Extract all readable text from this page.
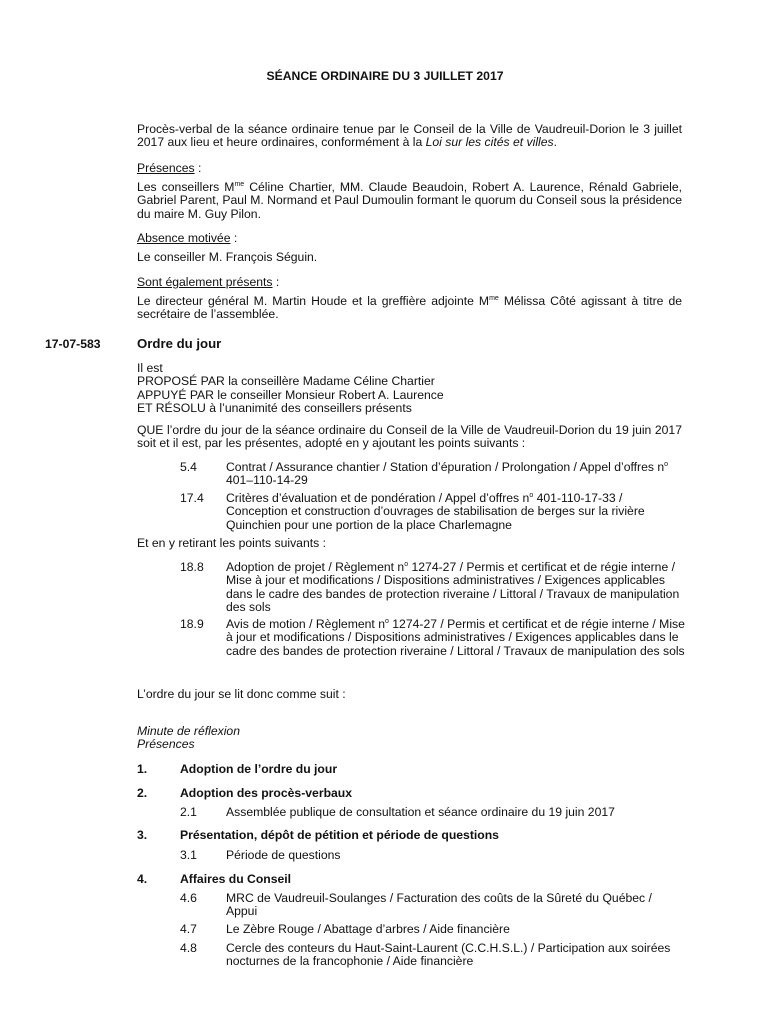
SÉANCE ORDINAIRE DU 3 JUILLET 2017

Procès-verbal de la séance ordinaire tenue par le Conseil de la Ville de Vaudreuil-Dorion le 3 juillet 2017 aux lieu et heure ordinaires, conformément à la Loi sur les cités et villes.

Présences :

Les conseillers $M^{me}$ Céline Chartier, MM. Claude Beaudoin, Robert A. Laurence, Rénald Gabriele, Gabriel Parent, Paul M. Normand et Paul Dumoulin formant le quorum du Conseil sous la présidence du maire M. Guy Pilon.

Absence motivée :

Le conseiller M. François Séguin.

Sont également présents :

Le directeur général M. Martin Houde et la greffière adjointe $M^{me}$ Mélissa Côté agissant à titre de secrétaire de l’assemblée.

17-07-583	Ordre du jour

Il est

PROPOSÉ PAR la conseillère Madame Céline Chartier

APPUYÉ PAR le conseiller Monsieur Robert A. Laurence

ET RÉSOLU à l’unanimité des conseillers présents

QUE l’ordre du jour de la séance ordinaire du Conseil de la Ville de Vaudreuil-Dorion du 19 juin 2017 soit et il est, par les présentes, adopté en y ajoutant les points suivants :

5.4 Contrat / Assurance chantier / Station d’épuration / Prolongation / Appel d’offres $n^o$ 401–110-14-29
17.4 Critères d’évaluation et de pondération / Appel d’offres $n^o$ 401-110-17-33 / Conception et construction d’ouvrages de stabilisation de berges sur la rivière Quinchien pour une portion de la place Charlemagne

Et en y retirant les points suivants :

18.8 Adoption de projet / Règlement $n^o$ 1274-27 / Permis et certificat et de régie interne / Mise à jour et modifications / Dispositions administratives / Exigences applicables dans le cadre des bandes de protection riveraine / Littoral / Travaux de manipulation des sols
18.9 Avis de motion / Règlement $n^o$ 1274-27 / Permis et certificat et de régie interne / Mise à jour et modifications / Dispositions administratives / Exigences applicables dans le cadre des bandes de protection riveraine / Littoral / Travaux de manipulation des sols

L’ordre du jour se lit donc comme suit :

Minute de réflexion

Présences

1.	Adoption de l’ordre du jour
2.	Adoption des procès-verbaux
2.1 Assemblée publique de consultation et séance ordinaire du 19 juin 2017
3.	Présentation, dépôt de pétition et période de questions
3.1 Période de questions
4.	Affaires du Conseil
4.6 MRC de Vaudreuil-Soulanges / Facturation des coûts de la Sûreté du Québec / Appui
4.7 Le Zèbre Rouge / Abattage d’arbres / Aide financière
4.8 Cercle des conteurs du Haut-Saint-Laurent (C.C.H.S.L.) / Participation aux soirées nocturnes de la francophonie / Aide financière
